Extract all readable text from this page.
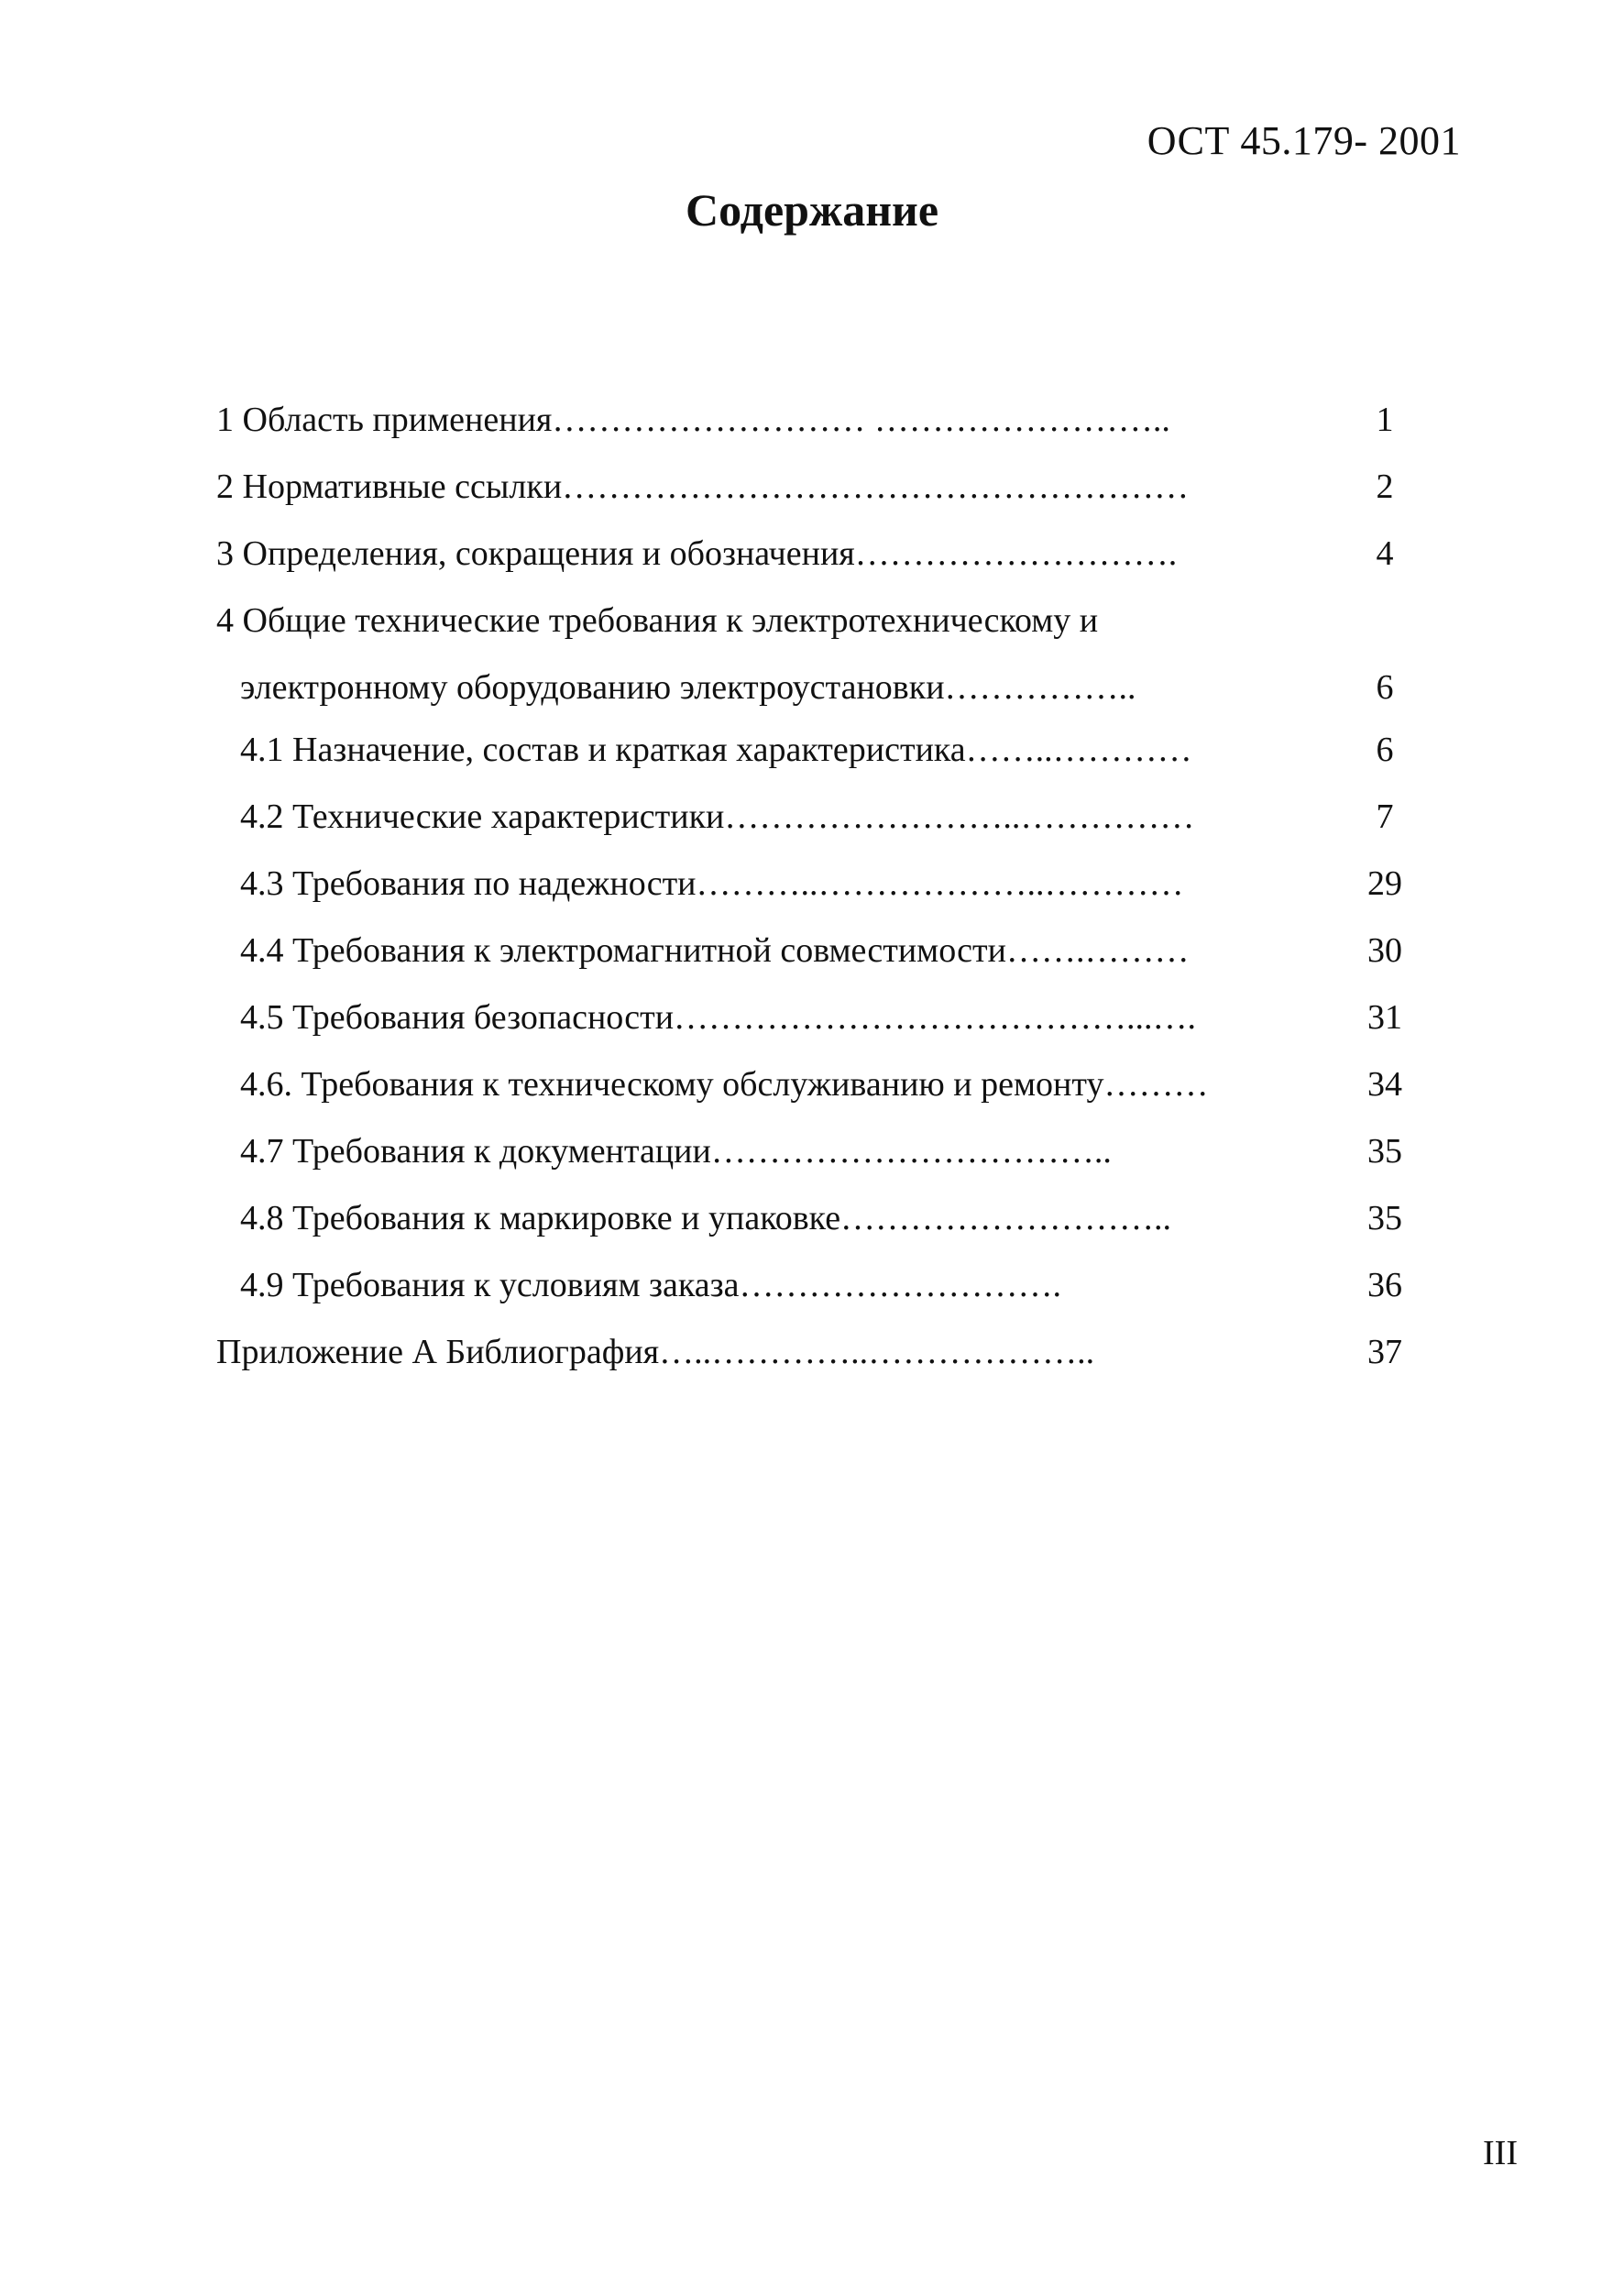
ОСТ 45.179- 2001
Содержание
1 Область применения……………………… ……………………..	1
2 Нормативные ссылки………………………………………………	2
3 Определения, сокращения и обозначения……………………….	4
4 Общие технические требования к электротехническому и
электронному оборудованию электроустановки……………..	6
4.1 Назначение, состав и краткая характеристика……..…………	6
4.2 Технические характеристики……………………..……………	7
4.3 Требования по надежности………..………………..…………	29
4.4 Требования к электромагнитной совместимости…….………	30
4.5 Требования безопасности…………………………………...….	31
4.6. Требования к техническому обслуживанию и ремонту………	34
4.7 Требования к документации……………………………..	35
4.8 Требования к маркировке и упаковке………………………..	35
4.9 Требования к условиям заказа……………………….	36
Приложение А Библиография…..…………..………………..	37
III
